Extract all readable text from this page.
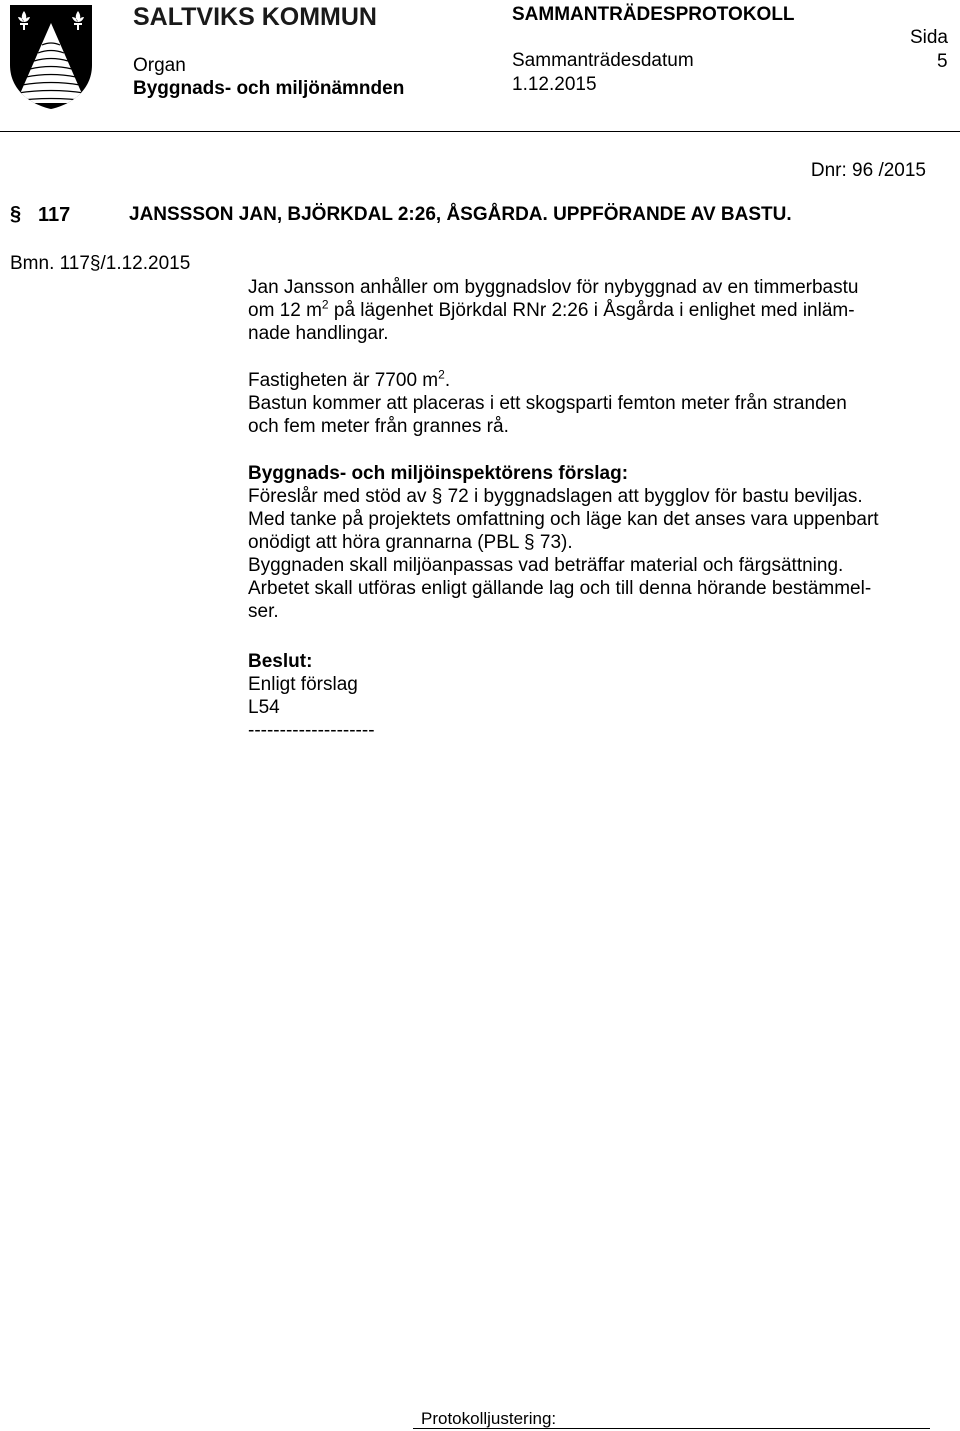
SALTVIKS KOMMUN
Organ
Byggnads- och miljönämnden
SAMMANTRÄDESPROTOKOLL
Sammanträdesdatum
1.12.2015
Sida
5
Dnr: 96 /2015
§ 117	JANSSSON JAN, BJÖRKDAL 2:26, ÅSGÅRDA. UPPFÖRANDE AV BASTU.
Bmn. 117§/1.12.2015

Jan Jansson anhåller om byggnadslov för nybyggnad av en timmerbastu

om 12 $m^2$ på lägenhet Björkdal RNr 2:26 i Åsgårda i enlighet med inläm-

nade handlingar.

Fastigheten är 7700 $m^2$.

Bastun kommer att placeras i ett skogsparti femton meter från stranden

och fem meter från grannes rå.

Byggnads- och miljöinspektörens förslag:

Föreslår med stöd av § 72 i byggnadslagen att bygglov för bastu beviljas.

Med tanke på projektets omfattning och läge kan det anses vara uppenbart

onödigt att höra grannarna (PBL § 73).

Byggnaden skall miljöanpassas vad beträffar material och färgsättning.

Arbetet skall utföras enligt gällande lag och till denna hörande bestämmel-

ser.

Beslut:

Enligt förslag

L54

--------------------

Protokolljustering:
